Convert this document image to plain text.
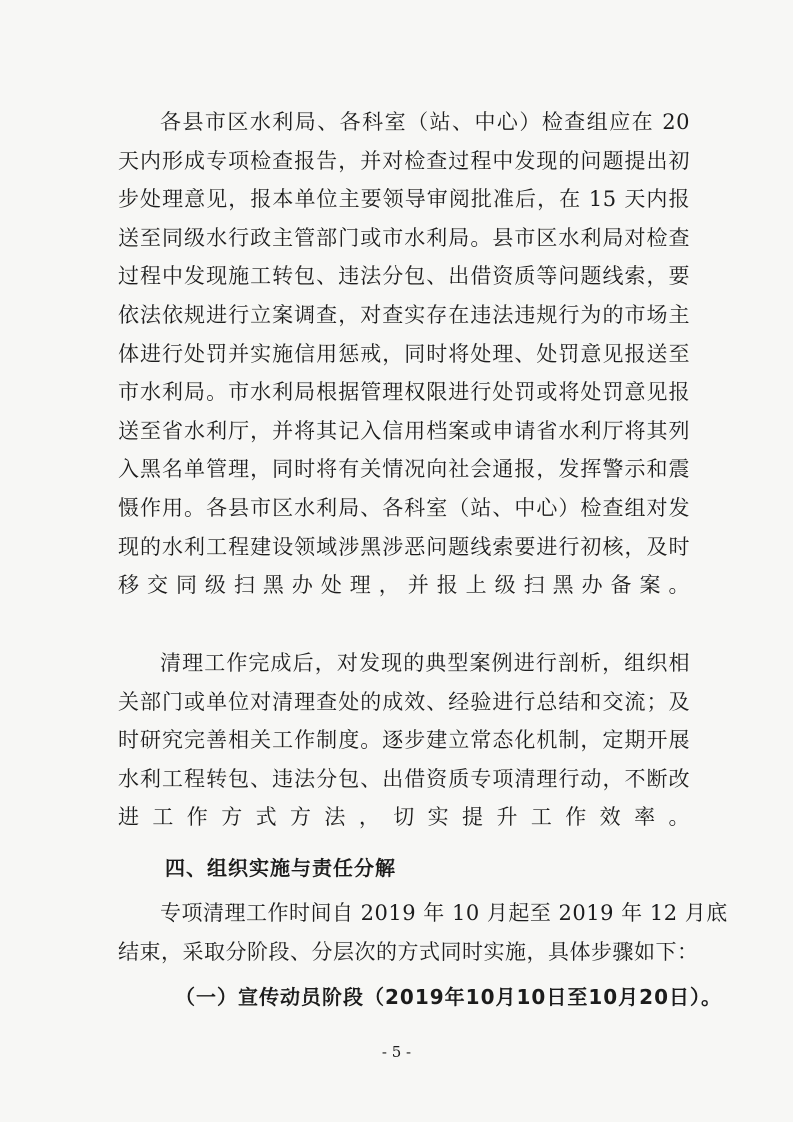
各县市区水利局、各科室（站、中心）检查组应在 20
天内形成专项检查报告，并对检查过程中发现的问题提出初
步处理意见，报本单位主要领导审阅批准后，在 15 天内报
送至同级水行政主管部门或市水利局。县市区水利局对检查
过程中发现施工转包、违法分包、出借资质等问题线索，要
依法依规进行立案调查，对查实存在违法违规行为的市场主
体进行处罚并实施信用惩戒，同时将处理、处罚意见报送至
市水利局。市水利局根据管理权限进行处罚或将处罚意见报
送至省水利厅，并将其记入信用档案或申请省水利厅将其列
入黑名单管理，同时将有关情况向社会通报，发挥警示和震
慑作用。各县市区水利局、各科室（站、中心）检查组对发
现的水利工程建设领域涉黑涉恶问题线索要进行初核，及时
移交同级扫黑办处理，并报上级扫黑办备案。
清理工作完成后，对发现的典型案例进行剖析，组织相
关部门或单位对清理查处的成效、经验进行总结和交流；及
时研究完善相关工作制度。逐步建立常态化机制，定期开展
水利工程转包、违法分包、出借资质专项清理行动，不断改
进工作方式方法，切实提升工作效率。
四、组织实施与责任分解
专项清理工作时间自 2019 年 10 月起至 2019 年 12 月底
结束，采取分阶段、分层次的方式同时实施，具体步骤如下：
（一）宣传动员阶段（2019年10月10日至10月20日）。
- 5 -
